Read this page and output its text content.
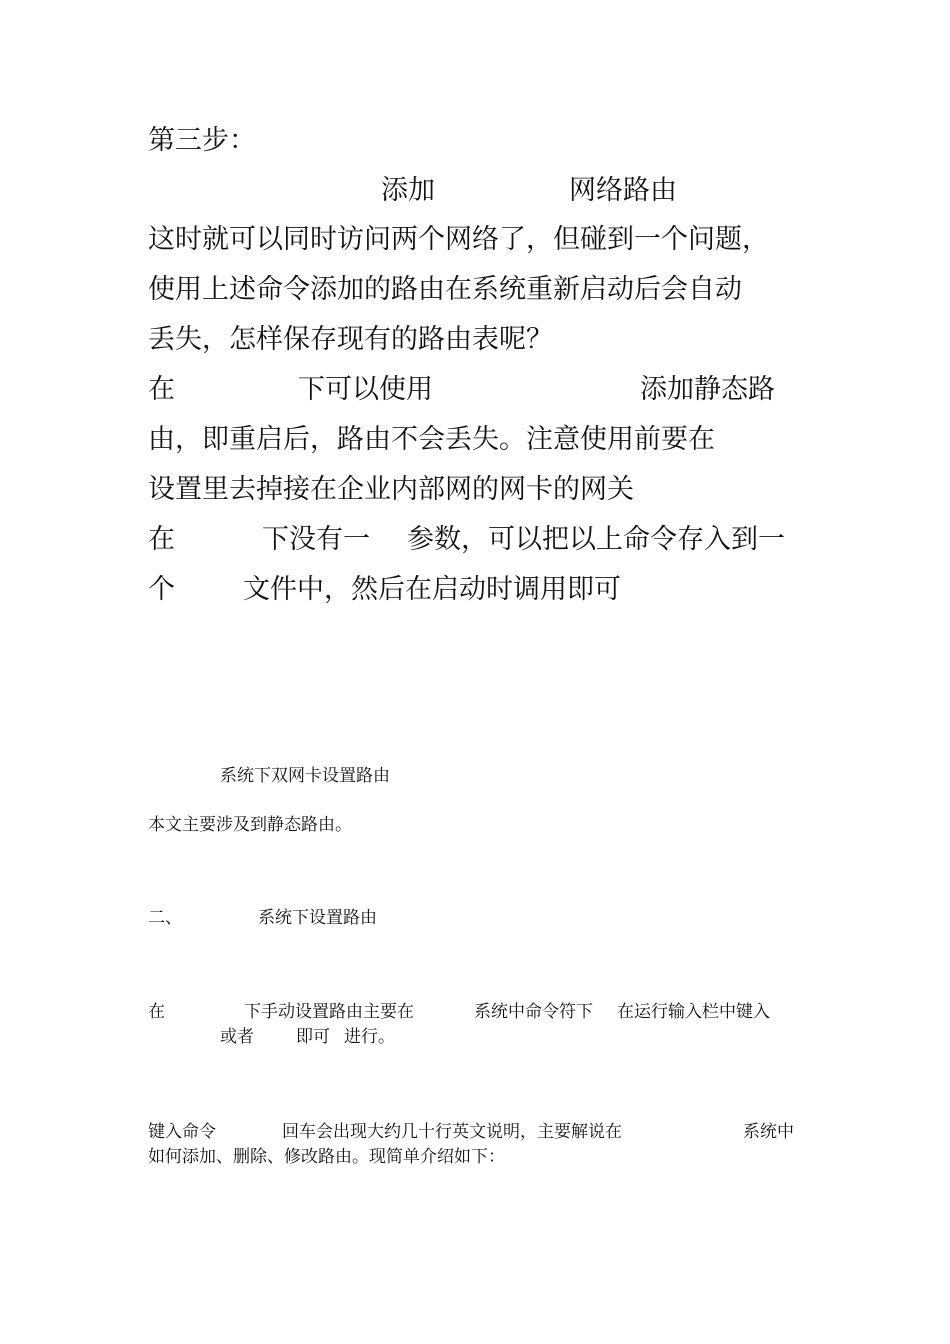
第三步：
添加	网络路由
这时就可以同时访问两个网络了，但碰到一个问题，
使用上述命令添加的路由在系统重新启动后会自动
丢失，怎样保存现有的路由表呢？
在	下可以使用	添加静态路
由，即重启后，路由不会丢失。注意使用前要在
设置里去掉接在企业内部网的网卡的网关
在	下没有一 参数，可以把以上命令存入到一
个	文件中，然后在启动时调用即可
系统下双网卡设置路由
本文主要涉及到静态路由。
二、	系统下设置路由
在	下手动设置路由主要在	系统中命令符下 在运行输入栏中键入
或者 即可 进行。
键入命令	回车会出现大约几十行英文说明，主要解说在	系统中
如何添加、删除、修改路由。现简单介绍如下：
